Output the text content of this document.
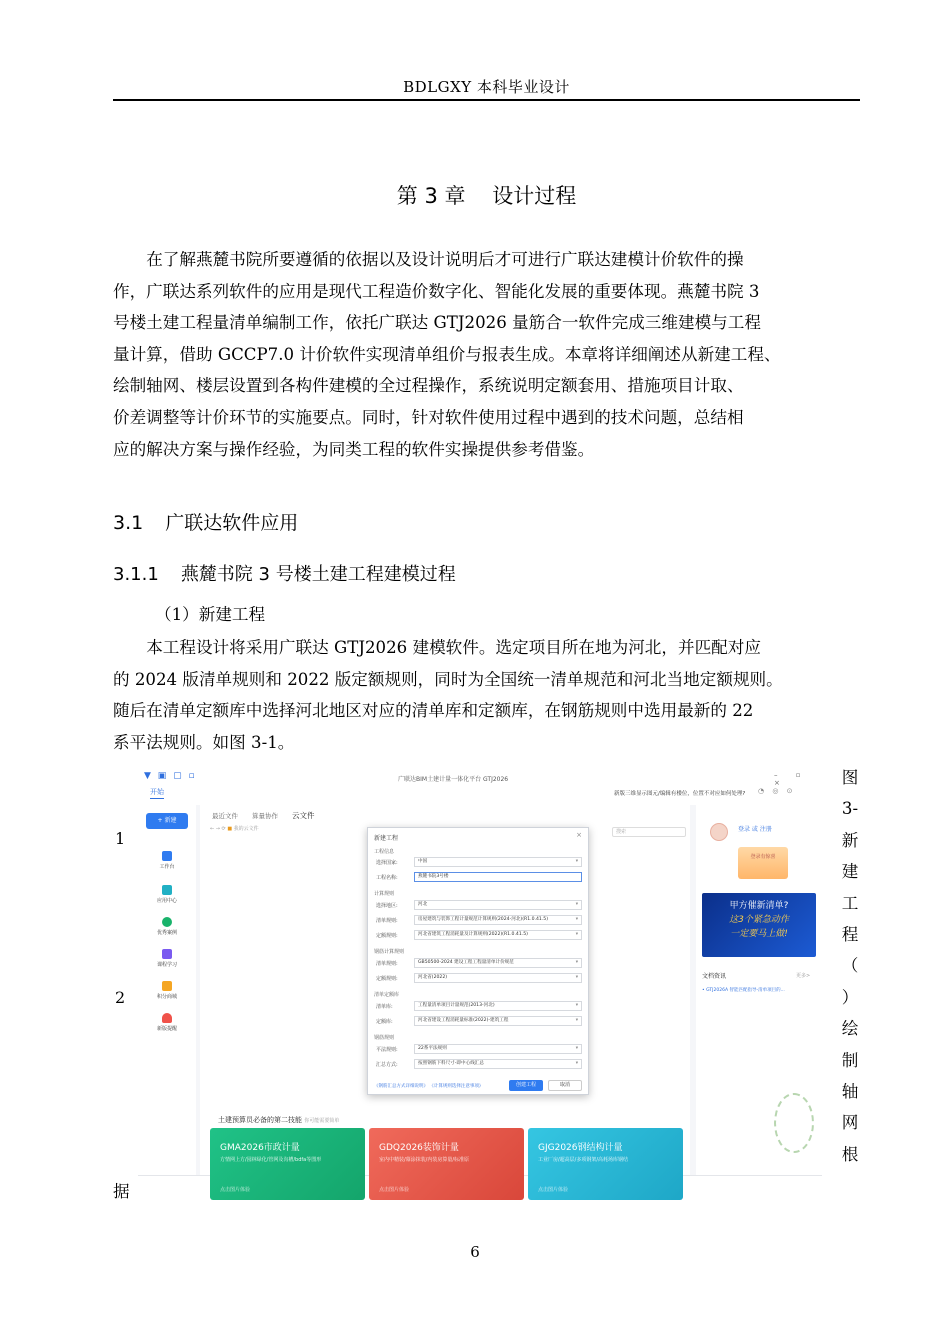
BDLGXY 本科毕业设计
第 3 章    设计过程
在了解燕麓书院所要遵循的依据以及设计说明后才可进行广联达建模计价软件的操
作，广联达系列软件的应用是现代工程造价数字化、智能化发展的重要体现。燕麓书院 3
号楼土建工程量清单编制工作，依托广联达 GTJ2026 量筋合一软件完成三维建模与工程
量计算，借助 GCCP7.0 计价软件实现清单组价与报表生成。本章将详细阐述从新建工程、
绘制轴网、楼层设置到各构件建模的全过程操作，系统说明定额套用、措施项目计取、
价差调整等计价环节的实施要点。同时，针对软件使用过程中遇到的技术问题，总结相
应的解决方案与操作经验，为同类工程的软件实操提供参考借鉴。
3.1 广联达软件应用
3.1.1 燕麓书院 3 号楼土建工程建模过程
（1）新建工程
本工程设计将采用广联达 GTJ2026 建模软件。选定项目所在地为河北，并匹配对应
的 2024 版清单规则和 2022 版定额规则，同时为全国统一清单规范和河北当地定额规则。
随后在清单定额库中选择河北地区对应的清单库和定额库，在钢筋规则中选用最新的 22
系平法规则。如图 3-1。
1
2
▼ ▣ ▢ ▫
开始
广联达BIM土建计量一体化平台 GTJ2026
新版三维显示图元/编辑有楼位，位置不对应如何处理? ◔ ◎ ⊙
– ▫ ×
+ 新建
工作台
应用中心
优秀案例
课程学习
积分商城
新版提醒
最近文件 算量协作 云文件
← → ⟳ ■ 我的云文件	搜索
土建预算员必备的第二技能 你可能需要简单
GMA2026市政计量
方情网上方/园林绿化/管网及沟槽/bdfa等图形
点击图片体验
GDQ2026装饰计量
室内中精装/幕涂抹装/内装房算量/标准原
点击图片体验
GJG2026钢结构计量
工业厂房/超高层/多项钢架/高耗场库钢结
点击图片体验
登录 或 注册
登录有惊喜
甲方催新清单?
这3个紧急动作
一定要马上做!
文档资讯	更多>
• GTJ2026A 智能匹配指导-清单项目的...
新建工程	×
工程信息
选择国家:	中国	▾
工程名称:	燕麓书院3号楼
计算规则
选择地区:	河北	▾
清单规则:	房屋建筑与装饰工程计量规范计算规则(2024-河北)(R1.0.41.5)	▾
定额规则:	河北省建筑工程消耗量及计算规则(2022)(R1.0.41.5)	▾
钢筋计算规则
清单规则:	GB50500-2024 建设工程工程量清单计价规范	▾
定额规则:	河北省(2022)	▾
清单定额库
清单库:	工程量清单项目计量规范(2013-河北)	▾
定额库:	河北省建设工程消耗量标准(2022)-建筑工程	▾
钢筋规则
平法规则:	22系平法规则	▾
汇总方式:	按照钢筋下料尺寸-即中心线汇总	▾
《钢筋汇总方式详细说明》 《计算规则选择注意事项》	创建工程	取消
图
3-
新
建
工
程
（
）
绘
制
轴
网
根
据
6
